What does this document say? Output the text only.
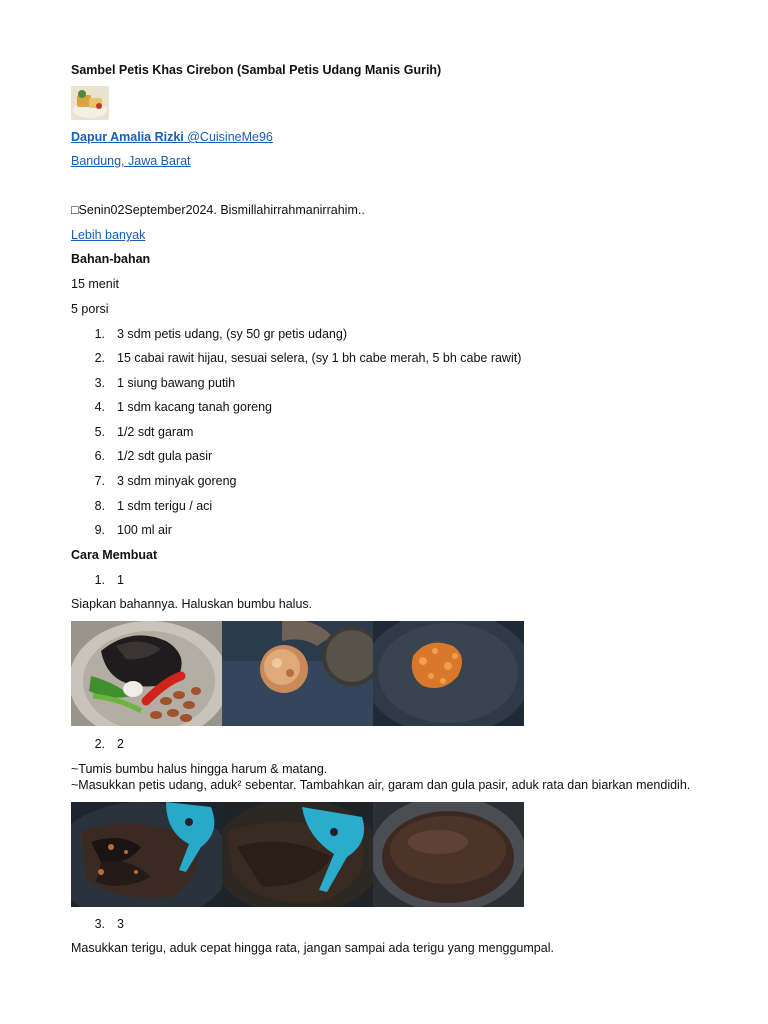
Sambel Petis Khas Cirebon (Sambal Petis Udang Manis Gurih)
Dapur Amalia Rizki @CuisineMe96
Bandung, Jawa Barat
□Senin02September2024. Bismillahirrahmanirrahim..
Lebih banyak
Bahan-bahan
15 menit
5 porsi
1. 3 sdm petis udang, (sy 50 gr petis udang)
2. 15 cabai rawit hijau, sesuai selera, (sy 1 bh cabe merah, 5 bh cabe rawit)
3. 1 siung bawang putih
4. 1 sdm kacang tanah goreng
5. 1/2 sdt garam
6. 1/2 sdt gula pasir
7. 3 sdm minyak goreng
8. 1 sdm terigu / aci
9. 100 ml air
Cara Membuat
1. 1
Siapkan bahannya. Haluskan bumbu halus.
2. 2
~Tumis bumbu halus hingga harum & matang.
~Masukkan petis udang, aduk² sebentar. Tambahkan air, garam dan gula pasir, aduk rata dan biarkan mendidih.
3. 3
Masukkan terigu, aduk cepat hingga rata, jangan sampai ada terigu yang menggumpal.
